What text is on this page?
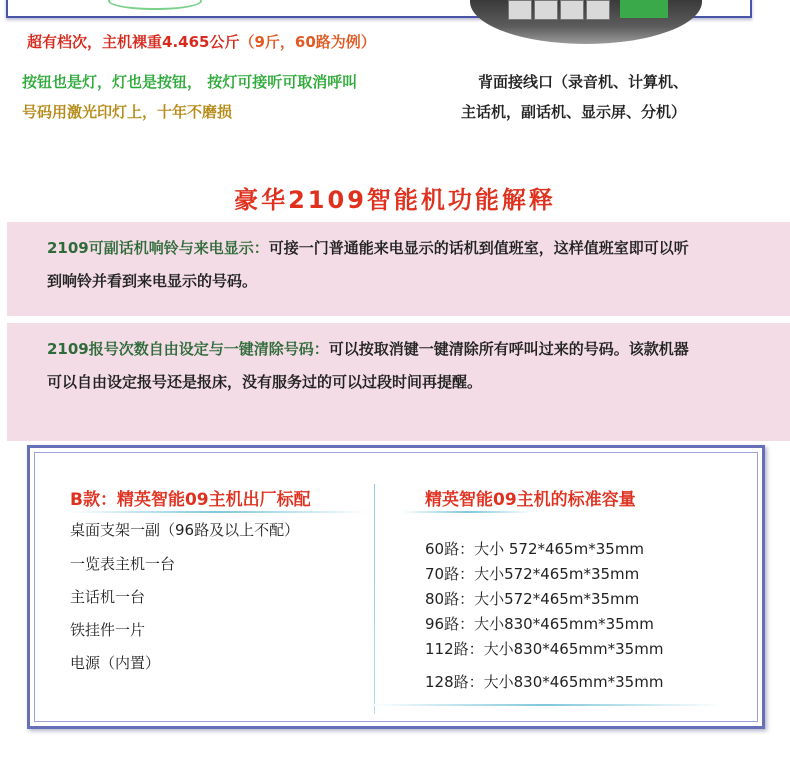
超有档次，主机裸重4.465公斤（9斤，60路为例）
按钮也是灯，灯也是按钮， 按灯可接听可取消呼叫
号码用激光印灯上，十年不磨损
背面接线口（录音机、计算机、
主话机，副话机、显示屏、分机）
豪华2109智能机功能解释
2109可副话机响铃与来电显示：可接一门普通能来电显示的话机到值班室，这样值班室即可以听
到响铃并看到来电显示的号码。
2109报号次数自由设定与一键清除号码：可以按取消键一键清除所有呼叫过来的号码。该款机器
可以自由设定报号还是报床，没有服务过的可以过段时间再提醒。
B款：精英智能09主机出厂标配
桌面支架一副（96路及以上不配）
一览表主机一台
主话机一台
铁挂件一片
电源（内置）
精英智能09主机的标准容量
60路：大小 572*465m*35mm
70路：大小572*465m*35mm
80路：大小572*465m*35mm
96路：大小830*465mm*35mm
112路：大小830*465mm*35mm
128路：大小830*465mm*35mm
